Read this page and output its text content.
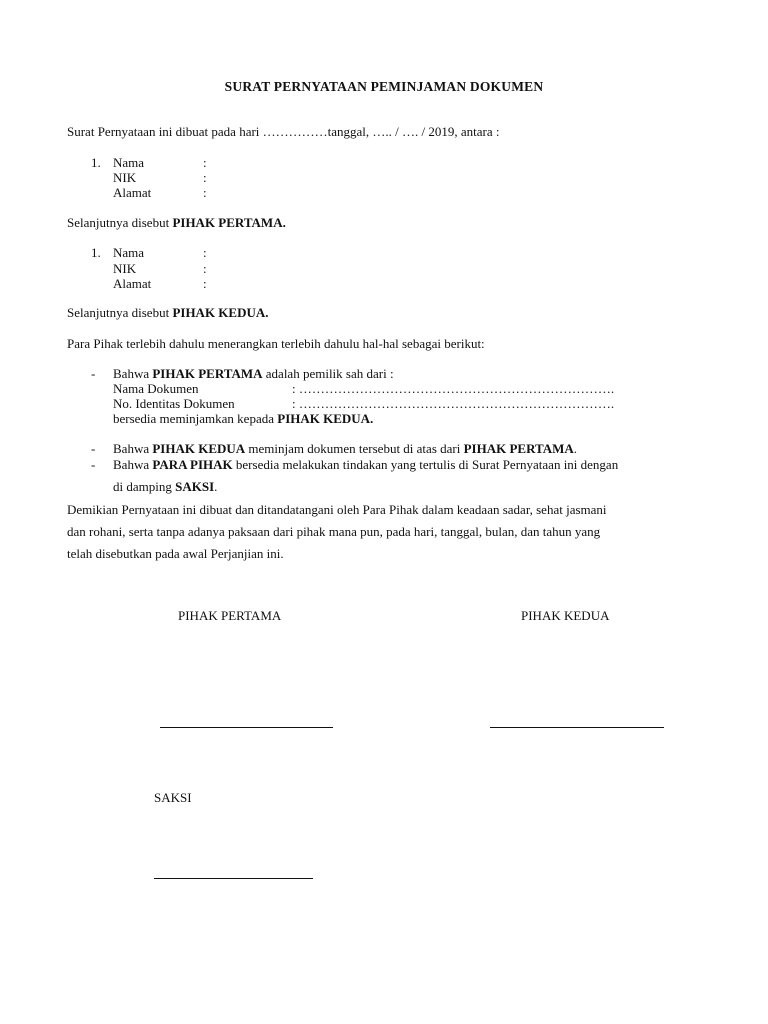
SURAT PERNYATAAN PEMINJAMAN DOKUMEN
Surat Pernyataan ini dibuat pada hari ……………tanggal, ….. / …. / 2019, antara :
1. Nama	:
NIK	:
Alamat	:
Selanjutnya disebut PIHAK PERTAMA.
1. Nama	:
NIK	:
Alamat	:
Selanjutnya disebut PIHAK KEDUA.
Para Pihak terlebih dahulu menerangkan terlebih dahulu hal-hal sebagai berikut:
- Bahwa PIHAK PERTAMA adalah pemilik sah dari :
Nama Dokumen	: ……………………………………………………………….
No. Identitas Dokumen	: ……………………………………………………………….
bersedia meminjamkan kepada PIHAK KEDUA.
- Bahwa PIHAK KEDUA meminjam dokumen tersebut di atas dari PIHAK PERTAMA.
- Bahwa PARA PIHAK bersedia melakukan tindakan yang tertulis di Surat Pernyataan ini dengan
di damping SAKSI.
Demikian Pernyataan ini dibuat dan ditandatangani oleh Para Pihak dalam keadaan sadar, sehat jasmani
dan rohani, serta tanpa adanya paksaan dari pihak mana pun, pada hari, tanggal, bulan, dan tahun yang
telah disebutkan pada awal Perjanjian ini.
PIHAK PERTAMA	PIHAK KEDUA
SAKSI
